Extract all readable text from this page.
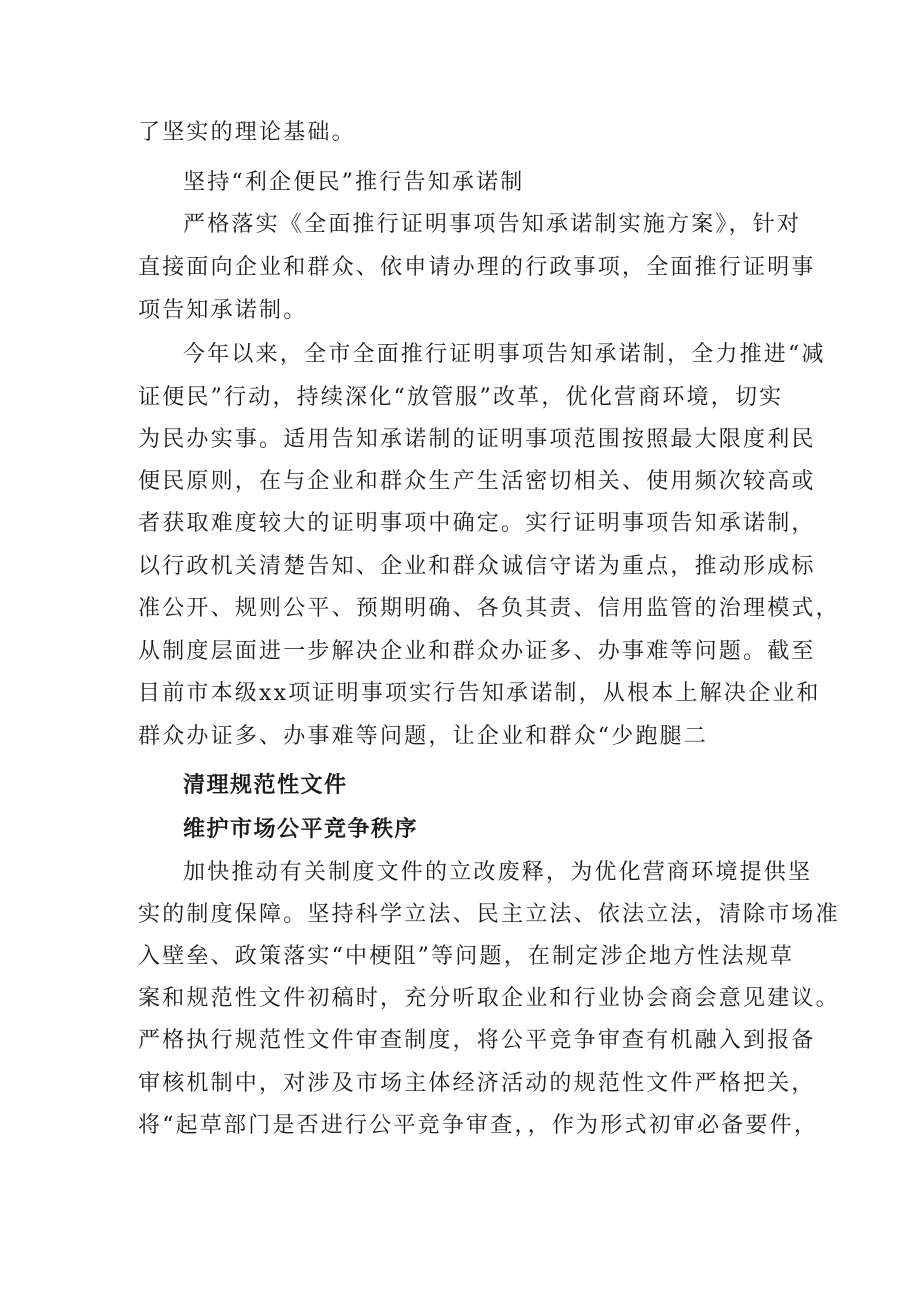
了坚实的理论基础。
坚持“利企便民”推行告知承诺制
严格落实《全面推行证明事项告知承诺制实施方案》，针对
直接面向企业和群众、依申请办理的行政事项，全面推行证明事
项告知承诺制。
今年以来，全市全面推行证明事项告知承诺制，全力推进“减
证便民”行动，持续深化“放管服”改革，优化营商环境，切实
为民办实事。适用告知承诺制的证明事项范围按照最大限度利民
便民原则，在与企业和群众生产生活密切相关、使用频次较高或
者获取难度较大的证明事项中确定。实行证明事项告知承诺制，
以行政机关清楚告知、企业和群众诚信守诺为重点，推动形成标
准公开、规则公平、预期明确、各负其责、信用监管的治理模式，
从制度层面进一步解决企业和群众办证多、办事难等问题。截至
目前市本级xx项证明事项实行告知承诺制，从根本上解决企业和
群众办证多、办事难等问题，让企业和群众“少跑腿二
清理规范性文件
维护市场公平竞争秩序
加快推动有关制度文件的立改废释，为优化营商环境提供坚
实的制度保障。坚持科学立法、民主立法、依法立法，清除市场准
入壁垒、政策落实“中梗阻”等问题，在制定涉企地方性法规草
案和规范性文件初稿时，充分听取企业和行业协会商会意见建议。
严格执行规范性文件审查制度，将公平竞争审查有机融入到报备
审核机制中，对涉及市场主体经济活动的规范性文件严格把关，
将“起草部门是否进行公平竞争审查，，作为形式初审必备要件，
